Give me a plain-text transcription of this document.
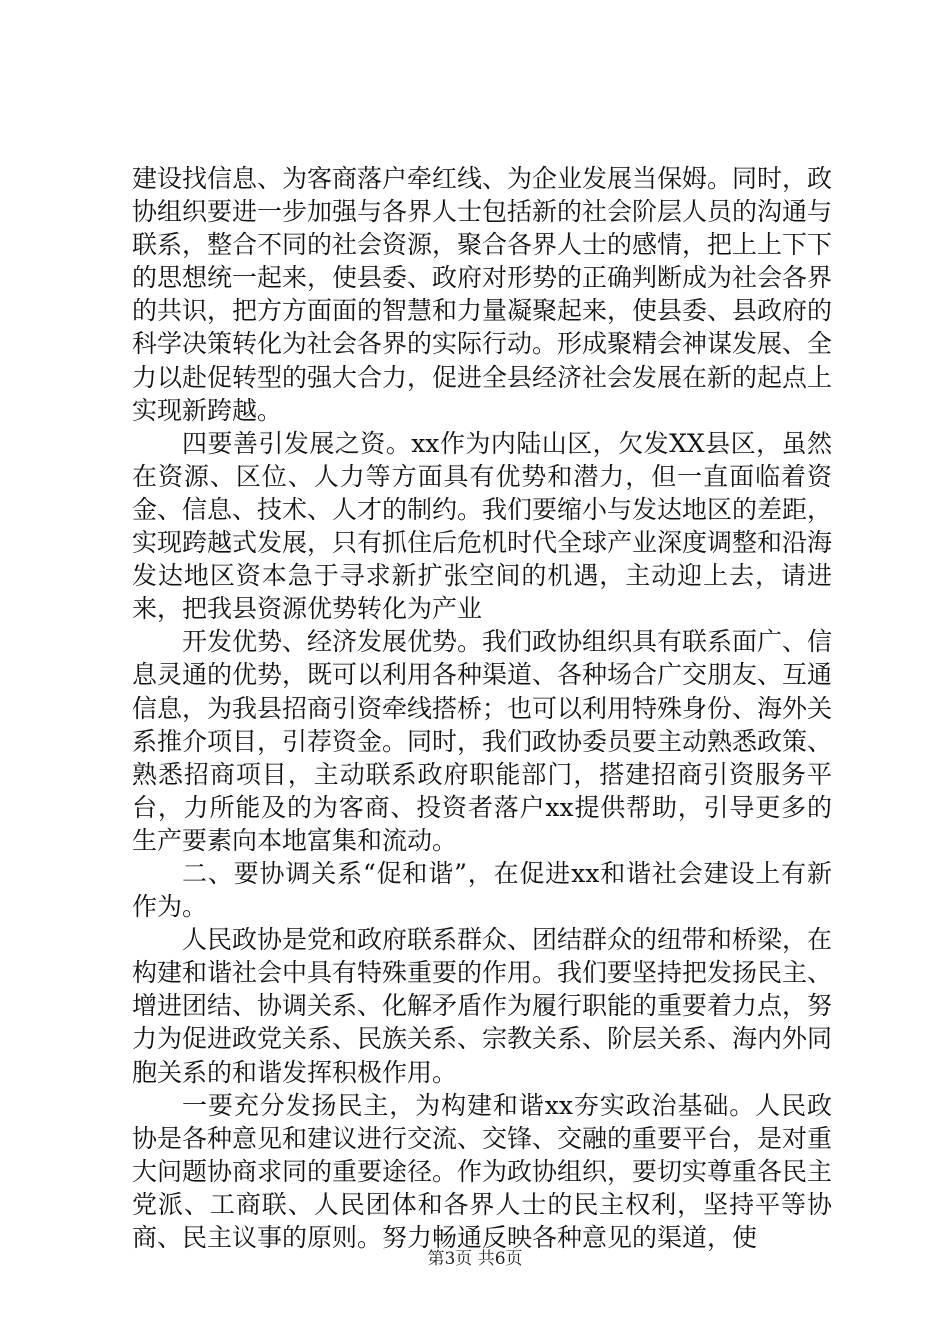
建设找信息、为客商落户牵红线、为企业发展当保姆。同时，政协组织要进一步加强与各界人士包括新的社会阶层人员的沟通与联系，整合不同的社会资源，聚合各界人士的感情，把上上下下的思想统一起来，使县委、政府对形势的正确判断成为社会各界的共识，把方方面面的智慧和力量凝聚起来，使县委、县政府的科学决策转化为社会各界的实际行动。形成聚精会神谋发展、全力以赴促转型的强大合力，促进全县经济社会发展在新的起点上实现新跨越。

四要善引发展之资。xx作为内陆山区，欠发XX县区，虽然在资源、区位、人力等方面具有优势和潜力，但一直面临着资金、信息、技术、人才的制约。我们要缩小与发达地区的差距，实现跨越式发展，只有抓住后危机时代全球产业深度调整和沿海发达地区资本急于寻求新扩张空间的机遇，主动迎上去，请进来，把我县资源优势转化为产业

开发优势、经济发展优势。我们政协组织具有联系面广、信息灵通的优势，既可以利用各种渠道、各种场合广交朋友、互通信息，为我县招商引资牵线搭桥；也可以利用特殊身份、海外关系推介项目，引荐资金。同时，我们政协委员要主动熟悉政策、熟悉招商项目，主动联系政府职能部门，搭建招商引资服务平台，力所能及的为客商、投资者落户xx提供帮助，引导更多的生产要素向本地富集和流动。

二、要协调关系“促和谐”，在促进xx和谐社会建设上有新作为。

人民政协是党和政府联系群众、团结群众的纽带和桥梁，在构建和谐社会中具有特殊重要的作用。我们要坚持把发扬民主、增进团结、协调关系、化解矛盾作为履行职能的重要着力点，努力为促进政党关系、民族关系、宗教关系、阶层关系、海内外同胞关系的和谐发挥积极作用。

一要充分发扬民主，为构建和谐xx夯实政治基础。人民政协是各种意见和建议进行交流、交锋、交融的重要平台，是对重大问题协商求同的重要途径。作为政协组织，要切实尊重各民主党派、工商联、人民团体和各界人士的民主权利，坚持平等协商、民主议事的原则。努力畅通反映各种意见的渠道，使

第3页 共6页
